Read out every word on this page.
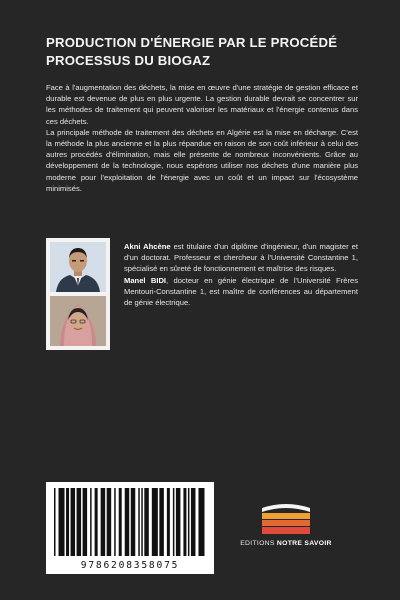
PRODUCTION D'ÉNERGIE PAR LE PROCÉDÉ PROCESSUS DU BIOGAZ

Face à l'augmentation des déchets, la mise en œuvre d'une stratégie de gestion efficace et durable est devenue de plus en plus urgente. La gestion durable devrait se concentrer sur les méthodes de traitement qui peuvent valoriser les matériaux et l'énergie contenus dans ces déchets.

La principale méthode de traitement des déchets en Algérie est la mise en décharge. C'est la méthode la plus ancienne et la plus répandue en raison de son coût inférieur à celui des autres procédés d'élimination, mais elle présente de nombreux inconvénients. Grâce au développement de la technologie, nous espérons utiliser nos déchets d'une manière plus moderne pour l'exploitation de l'énergie avec un coût et un impact sur l'écosystème minimisés.

Akni Ahcène est titulaire d'un diplôme d'ingénieur, d'un magister et d'un doctorat. Professeur et chercheur à l'Université Constantine 1, spécialisé en sûreté de fonctionnement et maîtrise des risques.

Manel BIDI, docteur en génie électrique de l'Université Frères Mentouri-Constantine 1, est maître de conférences au département de génie électrique.

9786208358075
EDITIONS NOTRE SAVOIR
